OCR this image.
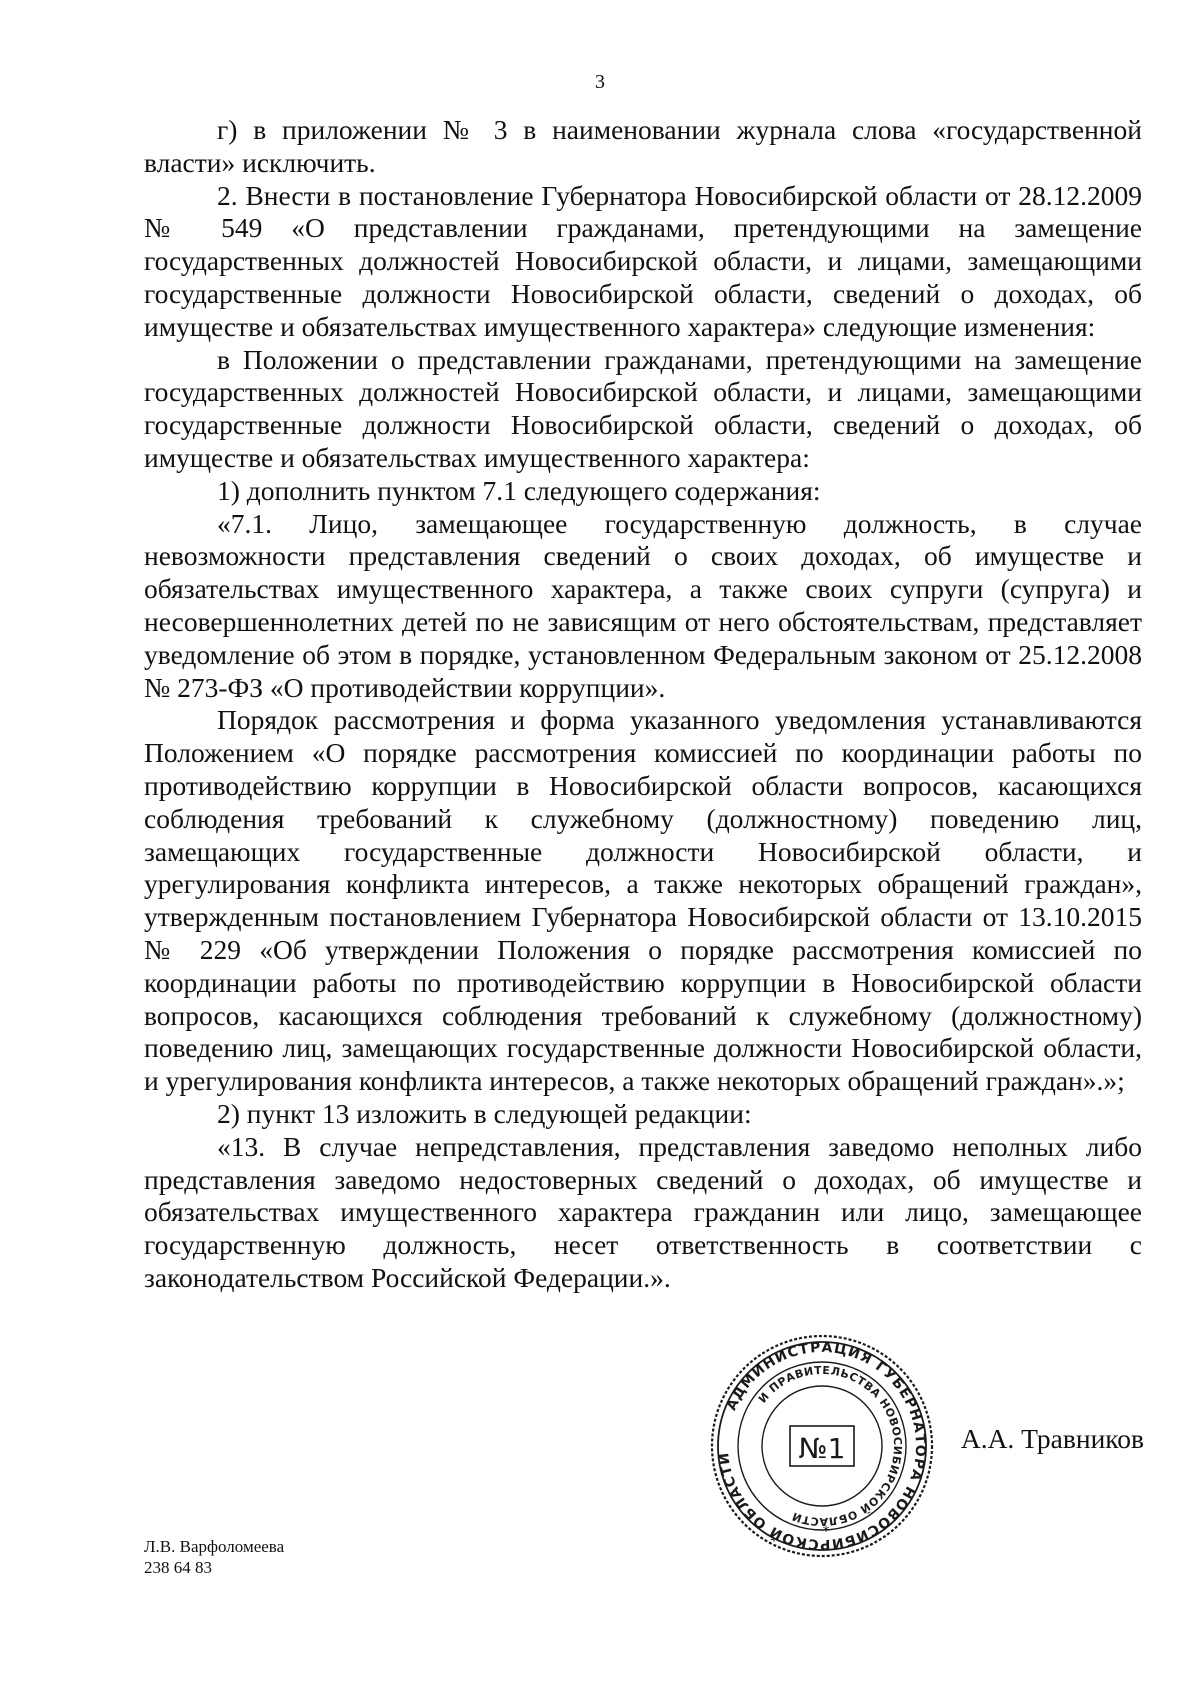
3

г) в приложении № 3 в наименовании журнала слова «государственной власти» исключить.

2. Внести в постановление Губернатора Новосибирской области от 28.12.2009 № 549 «О представлении гражданами, претендующими на замещение государственных должностей Новосибирской области, и лицами, замещающими государственные должности Новосибирской области, сведений о доходах, об имуществе и обязательствах имущественного характера» следующие изменения:

в Положении о представлении гражданами, претендующими на замещение государственных должностей Новосибирской области, и лицами, замещающими государственные должности Новосибирской области, сведений о доходах, об имуществе и обязательствах имущественного характера:

1) дополнить пунктом 7.1 следующего содержания:

«7.1. Лицо, замещающее государственную должность, в случае невозможности представления сведений о своих доходах, об имуществе и обязательствах имущественного характера, а также своих супруги (супруга) и несовершеннолетних детей по не зависящим от него обстоятельствам, представляет уведомление об этом в порядке, установленном Федеральным законом от 25.12.2008 № 273-ФЗ «О противодействии коррупции».

Порядок рассмотрения и форма указанного уведомления устанавливаются Положением «О порядке рассмотрения комиссией по координации работы по противодействию коррупции в Новосибирской области вопросов, касающихся соблюдения требований к служебному (должностному) поведению лиц, замещающих государственные должности Новосибирской области, и урегулирования конфликта интересов, а также некоторых обращений граждан», утвержденным постановлением Губернатора Новосибирской области от 13.10.2015 № 229 «Об утверждении Положения о порядке рассмотрения комиссией по координации работы по противодействию коррупции в Новосибирской области вопросов, касающихся соблюдения требований к служебному (должностному) поведению лиц, замещающих государственные должности Новосибирской области, и урегулирования конфликта интересов, а также некоторых обращений граждан».»;

2) пункт 13 изложить в следующей редакции:

«13. В случае непредставления, представления заведомо неполных либо представления заведомо недостоверных сведений о доходах, об имуществе и обязательствах имущественного характера гражданин или лицо, замещающее государственную должность, несет ответственность в соответствии с законодательством Российской Федерации.».

АДМИНИСТРАЦИЯ ГУБЕРНАТОРА НОВОСИБИРСКОЙ ОБЛАСТИ
И ПРАВИТЕЛЬСТВА НОВОСИБИРСКОЙ ОБЛАСТИ
№1
*
А.А. Травников
Л.В. Варфоломеева
238 64 83
